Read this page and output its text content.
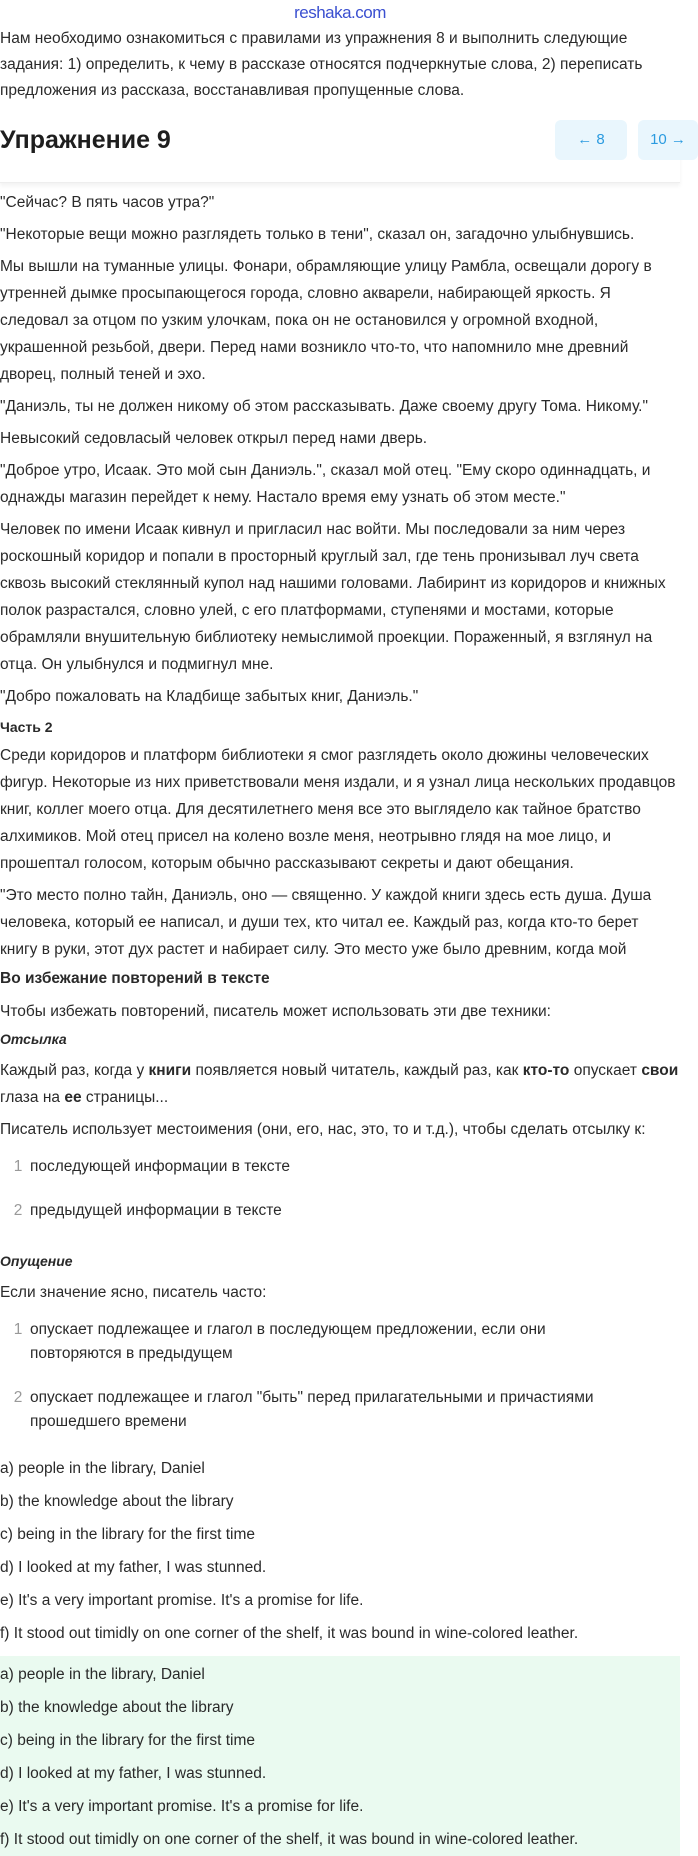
reshaka.com

Нам необходимо ознакомиться с правилами из упражнения 8 и выполнить следующие задания: 1) определить, к чему в рассказе относятся подчеркнутые слова, 2) переписать предложения из рассказа, восстанавливая пропущенные слова.

Упражнение 9	← 8	10 →

"Сейчас? В пять часов утра?"

"Некоторые вещи можно разглядеть только в тени", сказал он, загадочно улыбнувшись.

Мы вышли на туманные улицы. Фонари, обрамляющие улицу Рамбла, освещали дорогу в утренней дымке просыпающегося города, словно акварели, набирающей яркость. Я следовал за отцом по узким улочкам, пока он не остановился у огромной входной, украшенной резьбой, двери. Перед нами возникло что-то, что напомнило мне древний дворец, полный теней и эхо.

"Даниэль, ты не должен никому об этом рассказывать. Даже своему другу Тома. Никому."

Невысокий седовласый человек открыл перед нами дверь.

"Доброе утро, Исаак. Это мой сын Даниэль.", сказал мой отец. "Ему скоро одиннадцать, и однажды магазин перейдет к нему. Настало время ему узнать об этом месте."

Человек по имени Исаак кивнул и пригласил нас войти. Мы последовали за ним через роскошный коридор и попали в просторный круглый зал, где тень пронизывал луч света сквозь высокий стеклянный купол над нашими головами. Лабиринт из коридоров и книжных полок разрастался, словно улей, с его платформами, ступенями и мостами, которые обрамляли внушительную библиотеку немыслимой проекции. Пораженный, я взглянул на отца. Он улыбнулся и подмигнул мне.

"Добро пожаловать на Кладбище забытых книг, Даниэль."

Часть 2

Среди коридоров и платформ библиотеки я смог разглядеть около дюжины человеческих фигур. Некоторые из них приветствовали меня издали, и я узнал лица нескольких продавцов книг, коллег моего отца. Для десятилетнего меня все это выглядело как тайное братство алхимиков. Мой отец присел на колено возле меня, неотрывно глядя на мое лицо, и прошептал голосом, которым обычно рассказывают секреты и дают обещания.

"Это место полно тайн, Даниэль, оно — священно. У каждой книги здесь есть душа. Душа человека, который ее написал, и души тех, кто читал ее. Каждый раз, когда кто-то берет книгу в руки, этот дух растет и набирает силу. Это место уже было древним, когда мой

Во избежание повторений в тексте

Чтобы избежать повторений, писатель может использовать эти две техники:

Отсылка

Каждый раз, когда у книги появляется новый читатель, каждый раз, как кто-то опускает свои глаза на ее страницы...

Писатель использует местоимения (они, его, нас, это, то и т.д.), чтобы сделать отсылку к:

1 последующей информации в тексте
2 предыдущей информации в тексте
Опущение

Если значение ясно, писатель часто:

1 опускает подлежащее и глагол в последующем предложении, если они повторяются в предыдущем
2 опускает подлежащее и глагол "быть" перед прилагательными и причастиями прошедшего времени

a) people in the library, Daniel

b) the knowledge about the library

c) being in the library for the first time

d) I looked at my father, I was stunned.

e) It's a very important promise. It's a promise for life.

f) It stood out timidly on one corner of the shelf, it was bound in wine-colored leather.

a) people in the library, Daniel

b) the knowledge about the library

c) being in the library for the first time

d) I looked at my father, I was stunned.

e) It's a very important promise. It's a promise for life.

f) It stood out timidly on one corner of the shelf, it was bound in wine-colored leather.
